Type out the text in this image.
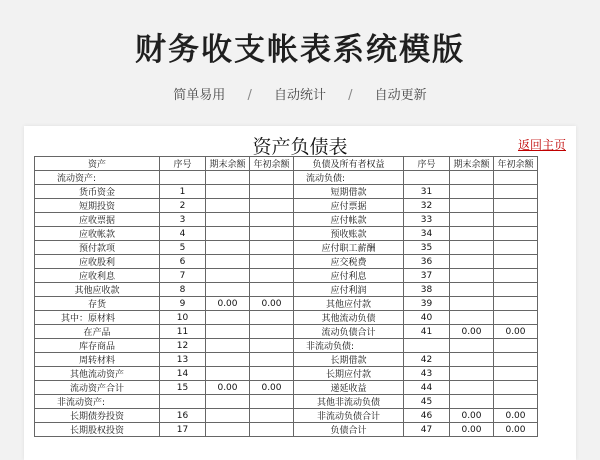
财务收支帐表系统模版
简单易用 / 自动统计 / 自动更新
资产负债表	返回主页
资产	序号	期末余额	年初余额	负债及所有者权益	序号	期末余额	年初余额
流动资产:				流动负债:			
货币资金	1			短期借款	31		
短期投资	2			应付票据	32		
应收票据	3			应付帐款	33		
应收帐款	4			预收账款	34		
预付款项	5			应付职工薪酬	35		
应收股利	6			应交税费	36		
应收利息	7			应付利息	37		
其他应收款	8			应付利润	38		
存货	9	0.00	0.00	其他应付款	39		
其中：原材料	10			其他流动负债	40		
在产品	11			流动负债合计	41	0.00	0.00
库存商品	12			非流动负债:			
周转材料	13			长期借款	42		
其他流动资产	14			长期应付款	43		
流动资产合计	15	0.00	0.00	递延收益	44		
非流动资产:				其他非流动负债	45		
长期债券投资	16			非流动负债合计	46	0.00	0.00
长期股权投资	17			负债合计	47	0.00	0.00
